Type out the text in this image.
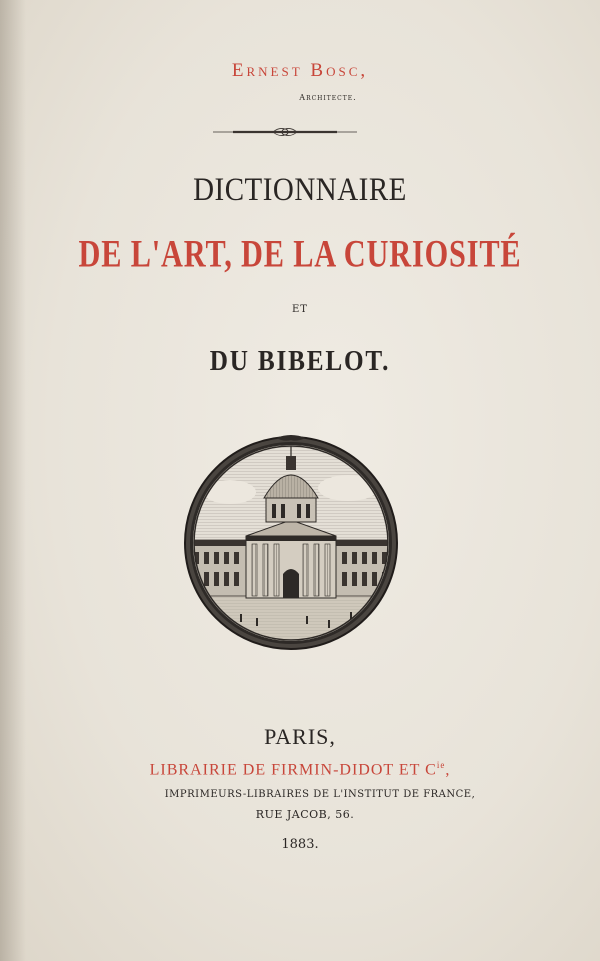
Ernest Bosc,
Architecte.
DICTIONNAIRE
DE L'ART, DE LA CURIOSITÉ
ET
DU BIBELOT.
PARIS,
LIBRAIRIE DE FIRMIN-DIDOT ET $C^{ie}$,
IMPRIMEURS-LIBRAIRES DE L'INSTITUT DE FRANCE,
RUE JACOB, 56.
1883.
